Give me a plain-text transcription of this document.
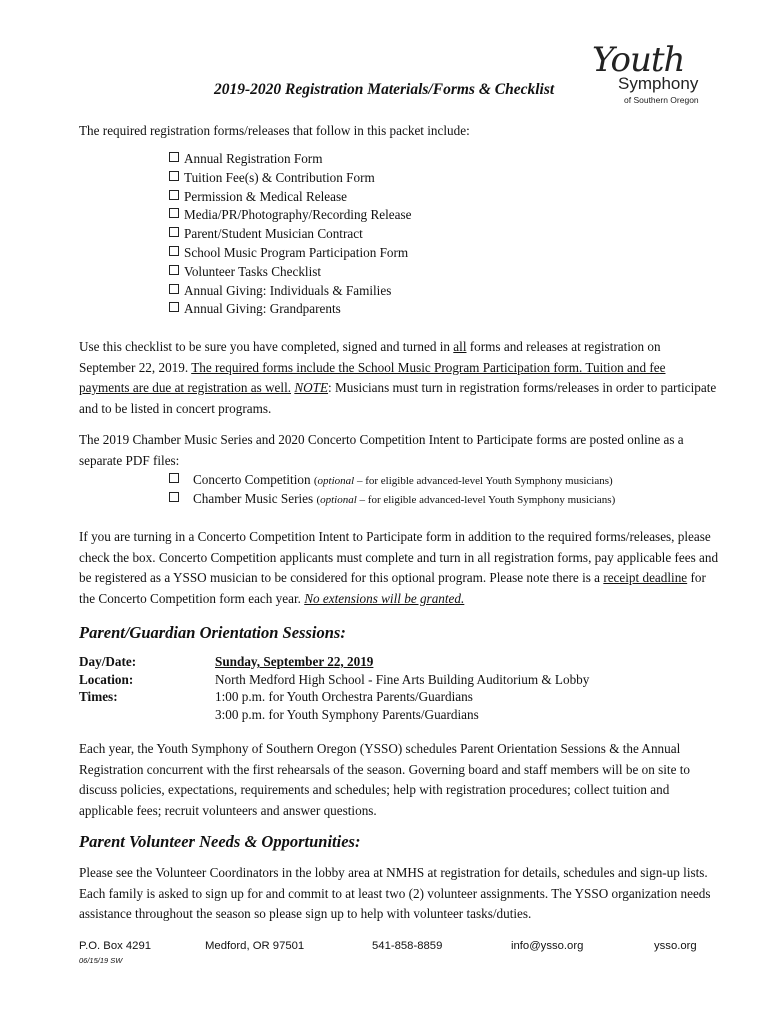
Youth
Symphony
of Southern Oregon
2019-2020 Registration Materials/Forms & Checklist
The required registration forms/releases that follow in this packet include:
Annual Registration Form
Tuition Fee(s) & Contribution Form
Permission & Medical Release
Media/PR/Photography/Recording Release
Parent/Student Musician Contract
School Music Program Participation Form
Volunteer Tasks Checklist
Annual Giving: Individuals & Families
Annual Giving: Grandparents
Use this checklist to be sure you have completed, signed and turned in all forms and releases at registration on September 22, 2019. The required forms include the School Music Program Participation form. Tuition and fee payments are due at registration as well. NOTE: Musicians must turn in registration forms/releases in order to participate and to be listed in concert programs.
The 2019 Chamber Music Series and 2020 Concerto Competition Intent to Participate forms are posted online as a separate PDF files:
Concerto Competition (optional – for eligible advanced-level Youth Symphony musicians)
Chamber Music Series (optional – for eligible advanced-level Youth Symphony musicians)
If you are turning in a Concerto Competition Intent to Participate form in addition to the required forms/releases, please check the box. Concerto Competition applicants must complete and turn in all registration forms, pay applicable fees and be registered as a YSSO musician to be considered for this optional program. Please note there is a receipt deadline for the Concerto Competition form each year. No extensions will be granted.
Parent/Guardian Orientation Sessions:
Day/Date:	Sunday, September 22, 2019
Location:	North Medford High School - Fine Arts Building Auditorium & Lobby
Times:	1:00 p.m. for Youth Orchestra Parents/Guardians
3:00 p.m. for Youth Symphony Parents/Guardians
Each year, the Youth Symphony of Southern Oregon (YSSO) schedules Parent Orientation Sessions & the Annual Registration concurrent with the first rehearsals of the season. Governing board and staff members will be on site to discuss policies, expectations, requirements and schedules; help with registration procedures; collect tuition and applicable fees; recruit volunteers and answer questions.
Parent Volunteer Needs & Opportunities:
Please see the Volunteer Coordinators in the lobby area at NMHS at registration for details, schedules and sign-up lists. Each family is asked to sign up for and commit to at least two (2) volunteer assignments. The YSSO organization needs assistance throughout the season so please sign up to help with volunteer tasks/duties.
P.O. Box 4291	Medford, OR 97501	541-858-8859	info@ysso.org	ysso.org
06/15/19 SW
